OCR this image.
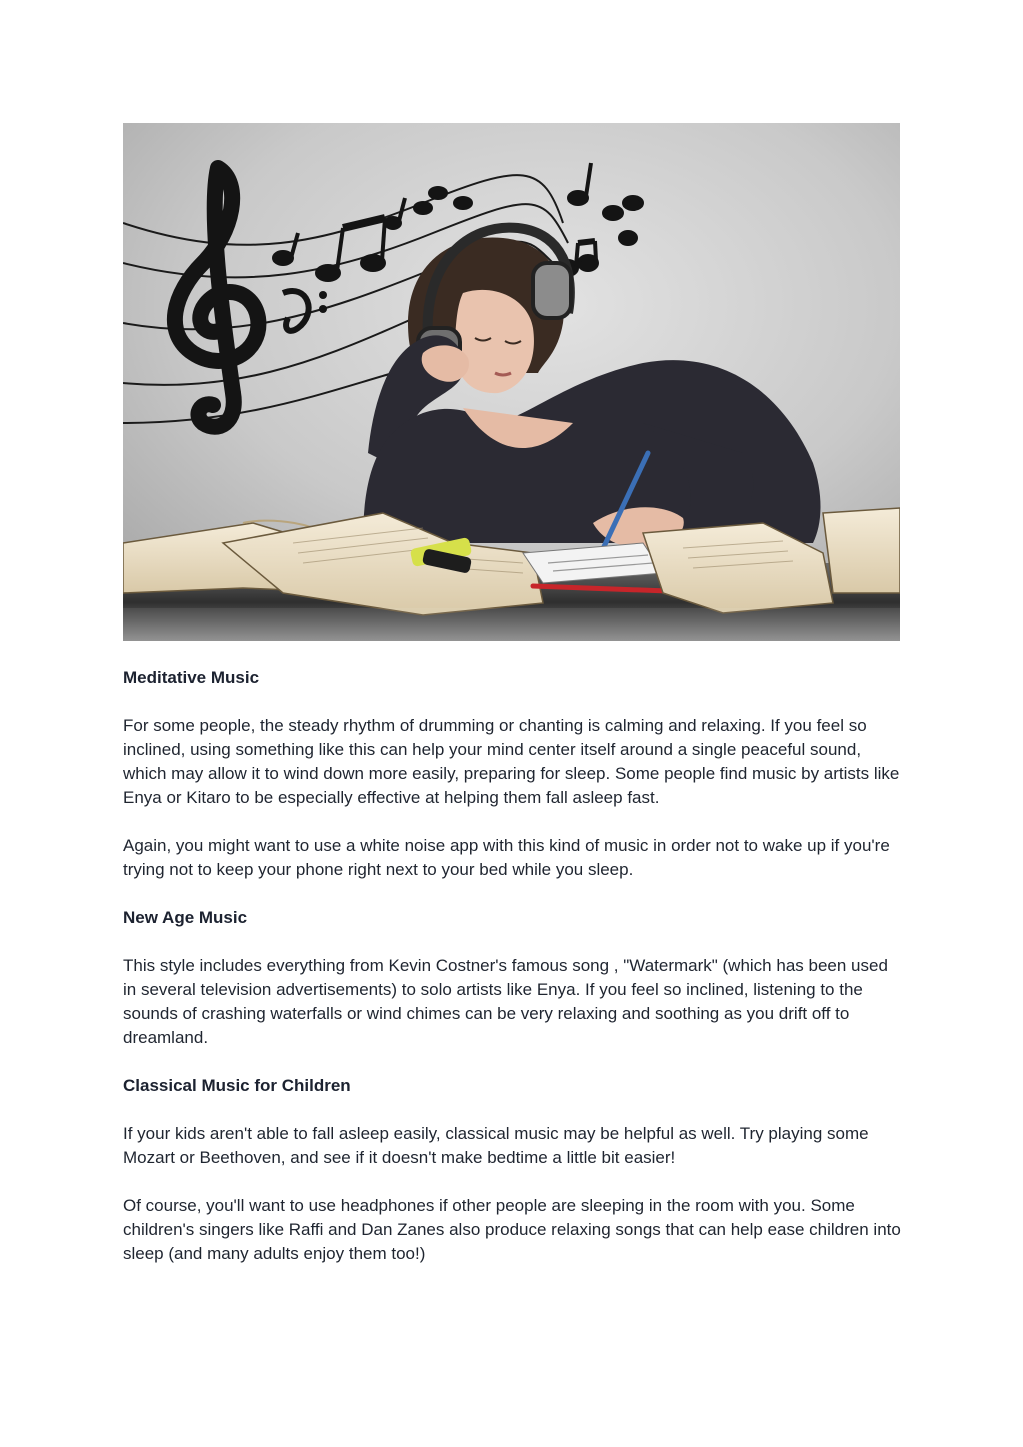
Meditative Music

For some people, the steady rhythm of drumming or chanting is calming and relaxing. If you feel so inclined, using something like this can help your mind center itself around a single peaceful sound, which may allow it to wind down more easily, preparing for sleep. Some people find music by artists like Enya or Kitaro to be especially effective at helping them fall asleep fast.

Again, you might want to use a white noise app with this kind of music in order not to wake up if you're trying not to keep your phone right next to your bed while you sleep.

New Age Music

This style includes everything from Kevin Costner's famous song , "Watermark" (which has been used in several television advertisements) to solo artists like Enya. If you feel so inclined, listening to the sounds of crashing waterfalls or wind chimes can be very relaxing and soothing as you drift off to dreamland.

Classical Music for Children

If your kids aren't able to fall asleep easily, classical music may be helpful as well. Try playing some Mozart or Beethoven, and see if it doesn't make bedtime a little bit easier!

Of course, you'll want to use headphones if other people are sleeping in the room with you. Some children's singers like Raffi and Dan Zanes also produce relaxing songs that can help ease children into sleep (and many adults enjoy them too!)
